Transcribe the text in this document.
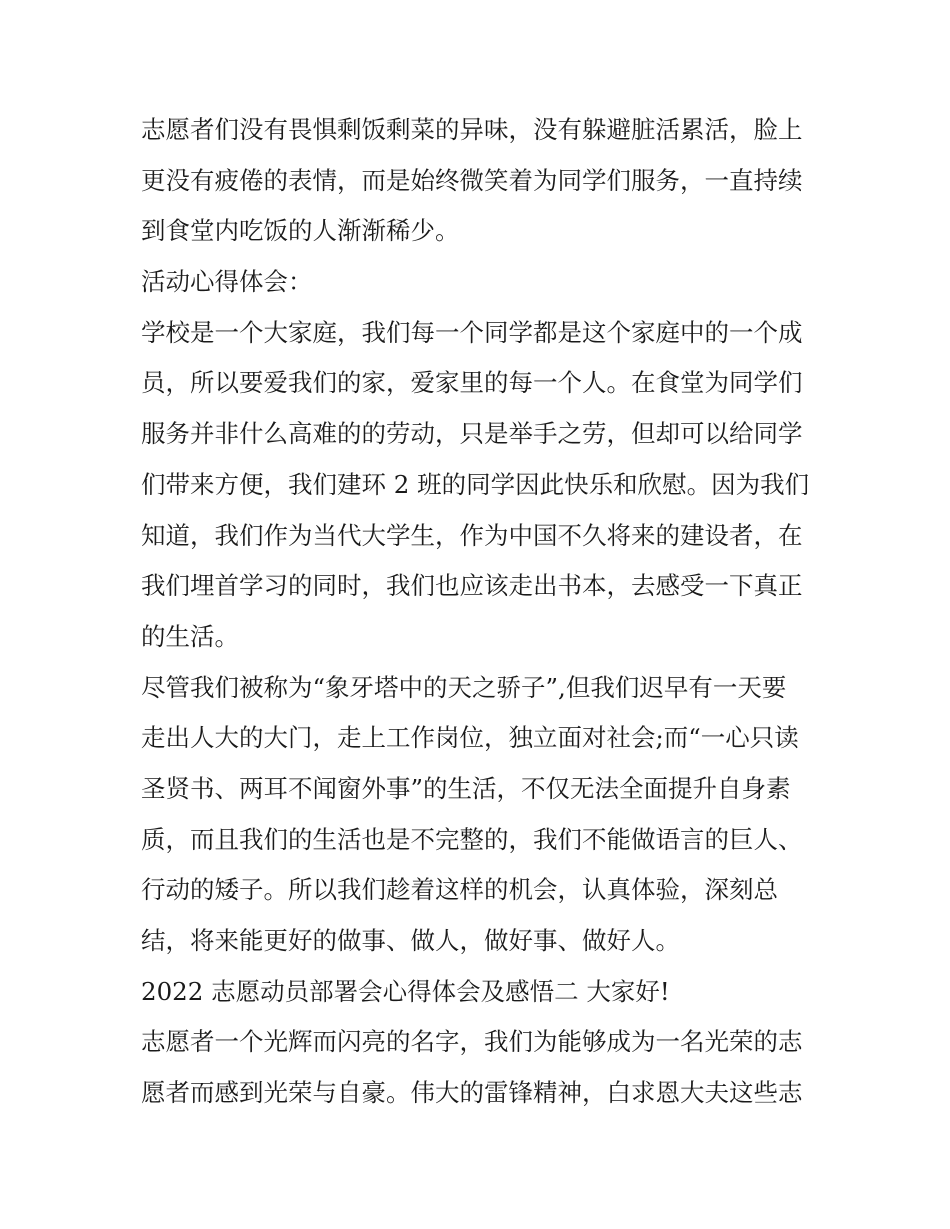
志愿者们没有畏惧剩饭剩菜的异味，没有躲避脏活累活，脸上
更没有疲倦的表情，而是始终微笑着为同学们服务，一直持续
到食堂内吃饭的人渐渐稀少。
活动心得体会：
学校是一个大家庭，我们每一个同学都是这个家庭中的一个成
员，所以要爱我们的家，爱家里的每一个人。在食堂为同学们
服务并非什么高难的的劳动，只是举手之劳，但却可以给同学
们带来方便，我们建环 2 班的同学因此快乐和欣慰。因为我们
知道，我们作为当代大学生，作为中国不久将来的建设者，在
我们埋首学习的同时，我们也应该走出书本，去感受一下真正
的生活。
尽管我们被称为“象牙塔中的天之骄子”,但我们迟早有一天要
走出人大的大门，走上工作岗位，独立面对社会;而“一心只读
圣贤书、两耳不闻窗外事”的生活，不仅无法全面提升自身素
质，而且我们的生活也是不完整的，我们不能做语言的巨人、
行动的矮子。所以我们趁着这样的机会，认真体验，深刻总
结，将来能更好的做事、做人，做好事、做好人。
2022 志愿动员部署会心得体会及感悟二 大家好!
志愿者一个光辉而闪亮的名字，我们为能够成为一名光荣的志
愿者而感到光荣与自豪。伟大的雷锋精神，白求恩大夫这些志
